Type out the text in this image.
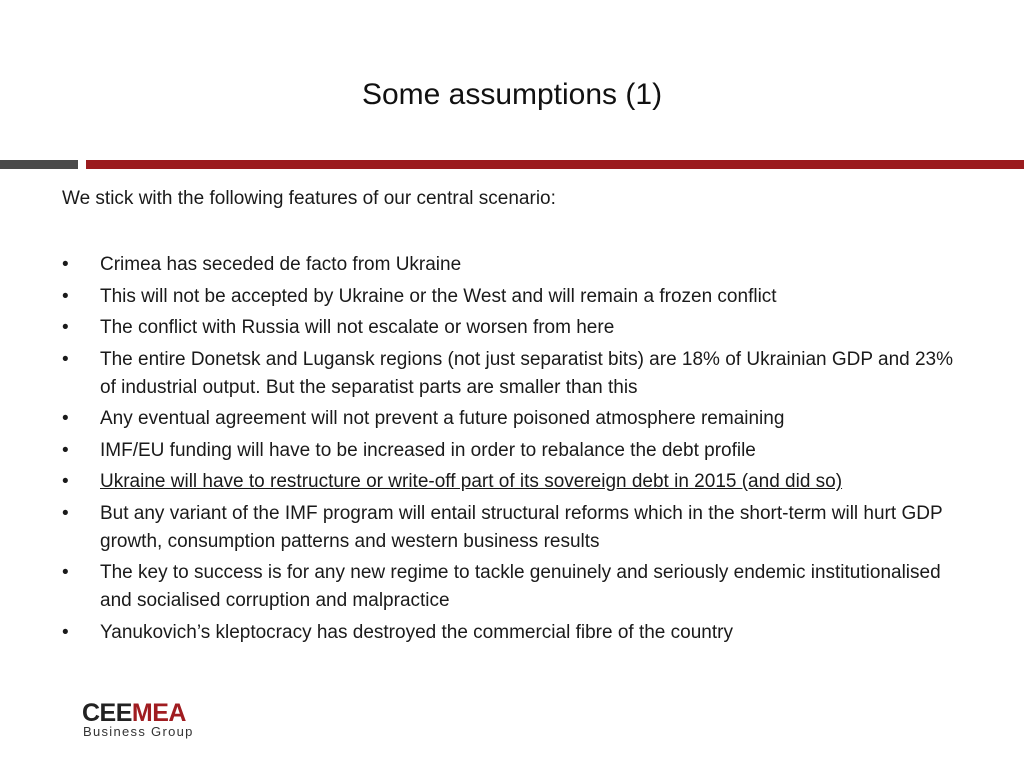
Some assumptions (1)

We stick with the following features of our central scenario:

•	Crimea has seceded de facto from Ukraine
•	This will not be accepted by Ukraine or the West and will remain a frozen conflict
•	The conflict with Russia will not escalate or worsen from here
•	The entire Donetsk and Lugansk regions (not just separatist bits) are 18% of Ukrainian GDP and 23% of industrial output. But the separatist parts are smaller than this
•	Any eventual agreement will not prevent a future poisoned atmosphere remaining
•	IMF/EU funding will have to be increased in order to rebalance the debt profile
•	Ukraine will have to restructure or write-off part of its sovereign debt in 2015 (and did so)
•	But any variant of the IMF program will entail structural reforms which in the short-term will hurt GDP growth, consumption patterns and western business results
•	The key to success is for any new regime to tackle genuinely and seriously endemic institutionalised and socialised corruption and malpractice
•	Yanukovich’s kleptocracy has destroyed the commercial fibre of the country
CEEMEA
Business Group
